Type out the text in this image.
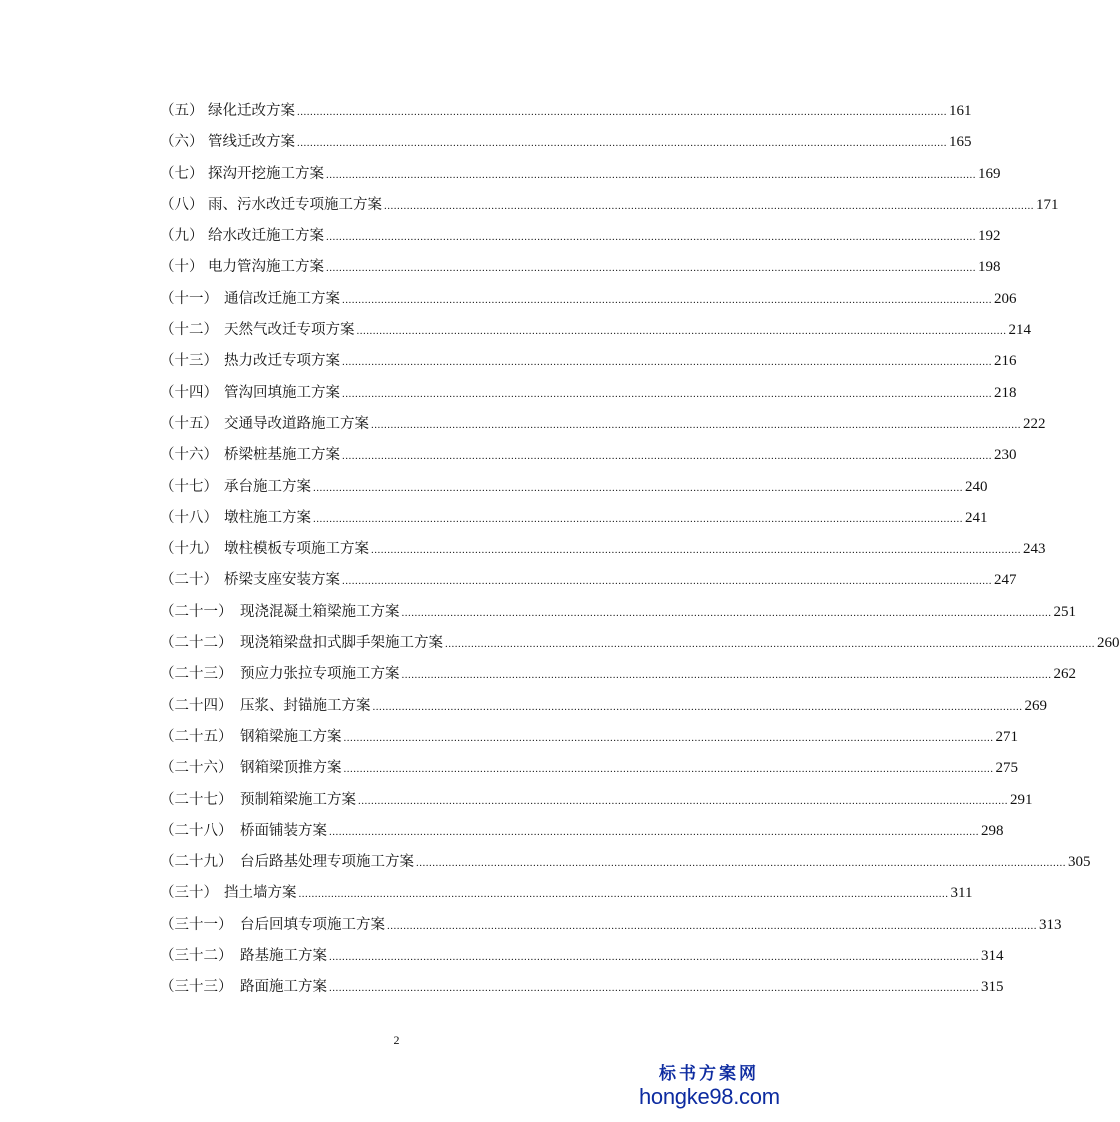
（五） 绿化迁改方案 ........................................................................................................................................................................................................ 161
（六） 管线迁改方案 ........................................................................................................................................................................................................ 165
（七） 探沟开挖施工方案 ........................................................................................................................................................................................................ 169
（八） 雨、污水改迁专项施工方案 ........................................................................................................................................................................................................ 171
（九） 给水改迁施工方案 ........................................................................................................................................................................................................ 192
（十） 电力管沟施工方案 ........................................................................................................................................................................................................ 198
（十一） 通信改迁施工方案 ........................................................................................................................................................................................................ 206
（十二） 天然气改迁专项方案 ........................................................................................................................................................................................................ 214
（十三） 热力改迁专项方案 ........................................................................................................................................................................................................ 216
（十四） 管沟回填施工方案 ........................................................................................................................................................................................................ 218
（十五） 交通导改道路施工方案 ........................................................................................................................................................................................................ 222
（十六） 桥梁桩基施工方案 ........................................................................................................................................................................................................ 230
（十七） 承台施工方案 ........................................................................................................................................................................................................ 240
（十八） 墩柱施工方案 ........................................................................................................................................................................................................ 241
（十九） 墩柱模板专项施工方案 ........................................................................................................................................................................................................ 243
（二十） 桥梁支座安装方案 ........................................................................................................................................................................................................ 247
（二十一） 现浇混凝土箱梁施工方案 ........................................................................................................................................................................................................ 251
（二十二） 现浇箱梁盘扣式脚手架施工方案 ........................................................................................................................................................................................................ 260
（二十三） 预应力张拉专项施工方案 ........................................................................................................................................................................................................ 262
（二十四） 压浆、封锚施工方案 ........................................................................................................................................................................................................ 269
（二十五） 钢箱梁施工方案 ........................................................................................................................................................................................................ 271
（二十六） 钢箱梁顶推方案 ........................................................................................................................................................................................................ 275
（二十七） 预制箱梁施工方案 ........................................................................................................................................................................................................ 291
（二十八） 桥面铺装方案 ........................................................................................................................................................................................................ 298
（二十九） 台后路基处理专项施工方案 ........................................................................................................................................................................................................ 305
（三十） 挡土墙方案 ........................................................................................................................................................................................................ 311
（三十一） 台后回填专项施工方案 ........................................................................................................................................................................................................ 313
（三十二） 路基施工方案 ........................................................................................................................................................................................................ 314
（三十三） 路面施工方案 ........................................................................................................................................................................................................ 315
2
标书方案网
hongke98.com
